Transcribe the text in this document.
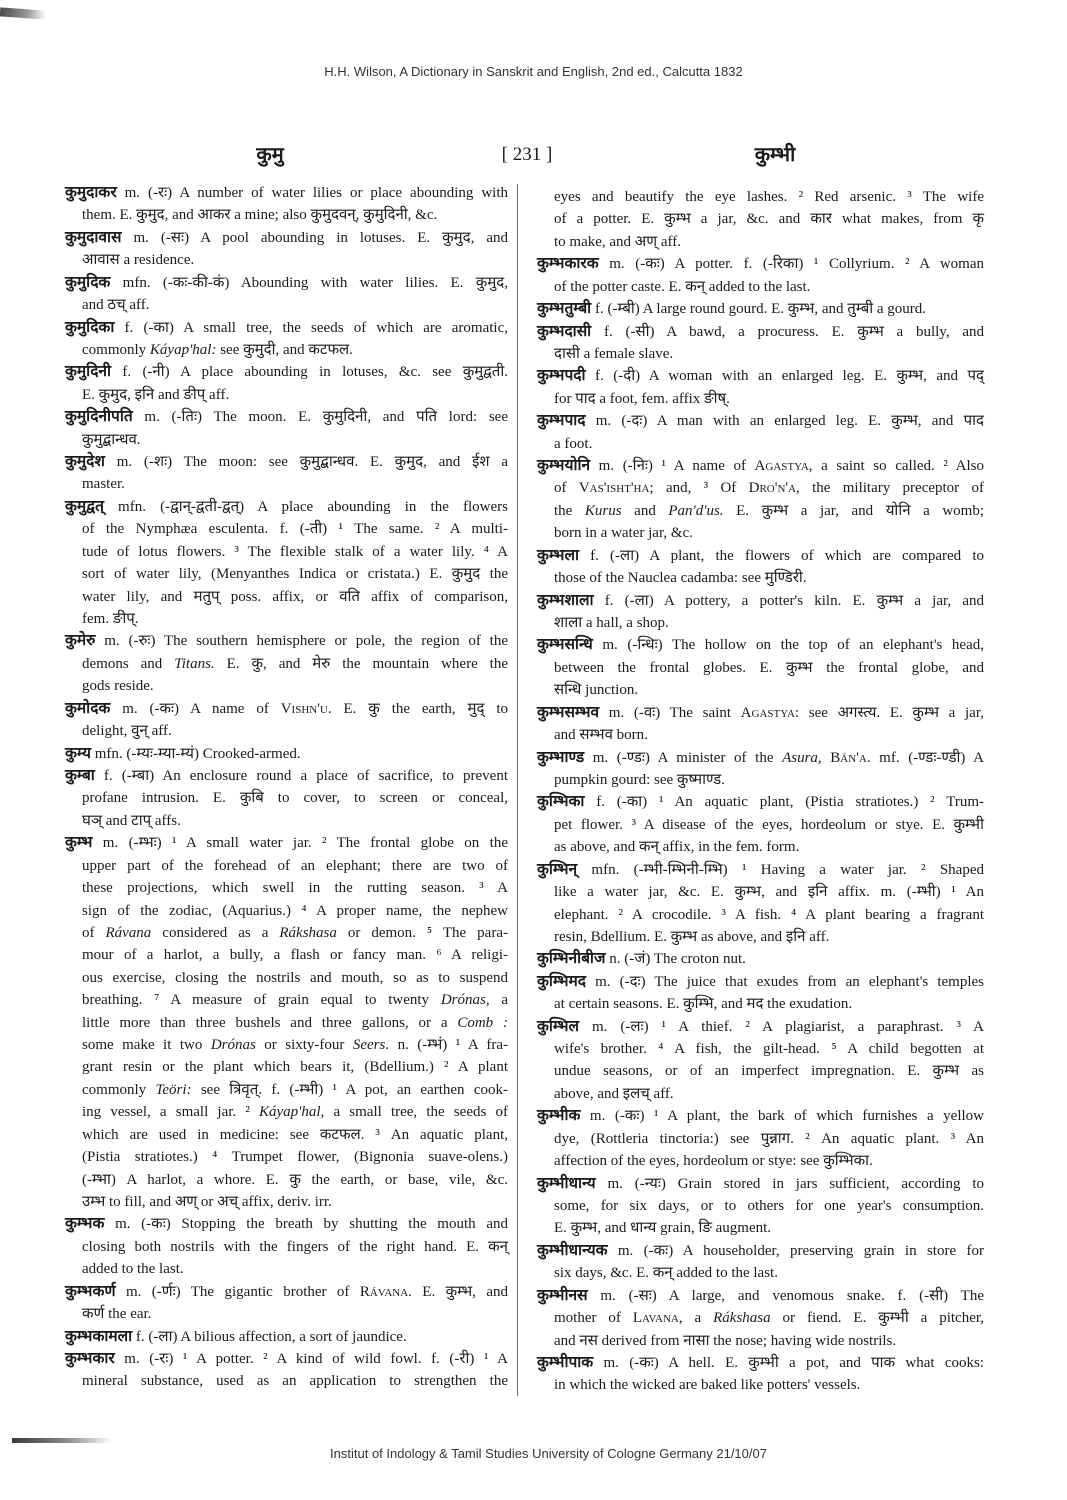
H.H. Wilson, A Dictionary in Sanskrit and English, 2nd ed., Calcutta 1832
कुमु	[ 231 ]	कुम्भी
कुमुदाकर m. (-रः) A number of water lilies or place abounding with
them. E. कुमुद, and आकर a mine; also कुमुदवन्, कुमुदिनी, &c.
कुमुदावास m. (-सः) A pool abounding in lotuses. E. कुमुद, and
आवास a residence.
कुमुदिक mfn. (-कः-की-कं) Abounding with water lilies. E. कुमुद,
and ठच् aff.
कुमुदिका f. (-का) A small tree, the seeds of which are aromatic,
commonly Káyap'hal: see कुमुदी, and कटफल.
कुमुदिनी f. (-नी) A place abounding in lotuses, &c. see कुमुद्वती.
E. कुमुद, इनि and ङीप् aff.
कुमुदिनीपति m. (-तिः) The moon. E. कुमुदिनी, and पति lord: see
कुमुद्बान्धव.
कुमुदेश m. (-शः) The moon: see कुमुद्बान्धव. E. कुमुद, and ईश a
master.
कुमुद्वत् mfn. (-द्वान्-द्वती-द्वत्) A place abounding in the flowers
of the Nymphæa esculenta. f. (-ती) ¹ The same. ² A multi-
tude of lotus flowers. ³ The flexible stalk of a water lily. ⁴ A
sort of water lily, (Menyanthes Indica or cristata.) E. कुमुद the
water lily, and मतुप् poss. affix, or वति affix of comparison,
fem. ङीप्.
कुमेरु m. (-रुः) The southern hemisphere or pole, the region of the
demons and Titans. E. कु, and मेरु the mountain where the
gods reside.
कुमोदक m. (-कः) A name of Vishn'u. E. कु the earth, मुद् to
delight, वुन् aff.
कुम्य mfn. (-म्यः-म्या-म्यं) Crooked-armed.
कुम्बा f. (-म्बा) An enclosure round a place of sacrifice, to prevent
profane intrusion. E. कुबि to cover, to screen or conceal,
घञ् and टाप् affs.
कुम्भ m. (-म्भः) ¹ A small water jar. ² The frontal globe on the
upper part of the forehead of an elephant; there are two of
these projections, which swell in the rutting season. ³ A
sign of the zodiac, (Aquarius.) ⁴ A proper name, the nephew
of Rávana considered as a Rákshasa or demon. ⁵ The para-
mour of a harlot, a bully, a flash or fancy man. ⁶ A religi-
ous exercise, closing the nostrils and mouth, so as to suspend
breathing. ⁷ A measure of grain equal to twenty Drónas, a
little more than three bushels and three gallons, or a Comb :
some make it two Drónas or sixty-four Seers. n. (-म्भं) ¹ A fra-
grant resin or the plant which bears it, (Bdellium.) ² A plant
commonly Teöri: see त्रिवृत्. f. (-म्भी) ¹ A pot, an earthen cook-
ing vessel, a small jar. ² Káyap'hal, a small tree, the seeds of
which are used in medicine: see कटफल. ³ An aquatic plant,
(Pistia stratiotes.) ⁴ Trumpet flower, (Bignonia suave-olens.)
(-म्भा) A harlot, a whore. E. कु the earth, or base, vile, &c.
उम्भ to fill, and अण् or अच् affix, deriv. irr.
कुम्भक m. (-कः) Stopping the breath by shutting the mouth and
closing both nostrils with the fingers of the right hand. E. कन्
added to the last.
कुम्भकर्ण m. (-र्णः) The gigantic brother of Rávana. E. कुम्भ, and
कर्ण the ear.
कुम्भकामला f. (-ला) A bilious affection, a sort of jaundice.
कुम्भकार m. (-रः) ¹ A potter. ² A kind of wild fowl. f. (-री) ¹ A
mineral substance, used as an application to strengthen the
eyes and beautify the eye lashes. ² Red arsenic. ³ The wife
of a potter. E. कुम्भ a jar, &c. and कार what makes, from कृ
to make, and अण् aff.
कुम्भकारक m. (-कः) A potter. f. (-रिका) ¹ Collyrium. ² A woman
of the potter caste. E. कन् added to the last.
कुम्भतुम्बी f. (-म्बी) A large round gourd. E. कुम्भ, and तुम्बी a gourd.
कुम्भदासी f. (-सी) A bawd, a procuress. E. कुम्भ a bully, and
दासी a female slave.
कुम्भपदी f. (-दी) A woman with an enlarged leg. E. कुम्भ, and पद्
for पाद a foot, fem. affix ङीष्.
कुम्भपाद m. (-दः) A man with an enlarged leg. E. कुम्भ, and पाद
a foot.
कुम्भयोनि m. (-निः) ¹ A name of Agastya, a saint so called. ² Also
of Vas'isht'ha; and, ³ Of Dro'n'a, the military preceptor of
the Kurus and Pan'd'us. E. कुम्भ a jar, and योनि a womb;
born in a water jar, &c.
कुम्भला f. (-ला) A plant, the flowers of which are compared to
those of the Nauclea cadamba: see मुण्डिरी.
कुम्भशाला f. (-ला) A pottery, a potter's kiln. E. कुम्भ a jar, and
शाला a hall, a shop.
कुम्भसन्धि m. (-न्धिः) The hollow on the top of an elephant's head,
between the frontal globes. E. कुम्भ the frontal globe, and
सन्धि junction.
कुम्भसम्भव m. (-वः) The saint Agastya: see अगस्त्य. E. कुम्भ a jar,
and सम्भव born.
कुम्भाण्ड m. (-ण्डः) A minister of the Asura, Bán'a. mf. (-ण्डः-ण्डी) A
pumpkin gourd: see कुष्माण्ड.
कुम्भिका f. (-का) ¹ An aquatic plant, (Pistia stratiotes.) ² Trum-
pet flower. ³ A disease of the eyes, hordeolum or stye. E. कुम्भी
as above, and कन् affix, in the fem. form.
कुम्भिन् mfn. (-म्भी-म्भिनी-म्भि) ¹ Having a water jar. ² Shaped
like a water jar, &c. E. कुम्भ, and इनि affix. m. (-म्भी) ¹ An
elephant. ² A crocodile. ³ A fish. ⁴ A plant bearing a fragrant
resin, Bdellium. E. कुम्भ as above, and इनि aff.
कुम्भिनीबीज n. (-जं) The croton nut.
कुम्भिमद m. (-दः) The juice that exudes from an elephant's temples
at certain seasons. E. कुम्भि, and मद the exudation.
कुम्भिल m. (-लः) ¹ A thief. ² A plagiarist, a paraphrast. ³ A
wife's brother. ⁴ A fish, the gilt-head. ⁵ A child begotten at
undue seasons, or of an imperfect impregnation. E. कुम्भ as
above, and इलच् aff.
कुम्भीक m. (-कः) ¹ A plant, the bark of which furnishes a yellow
dye, (Rottleria tinctoria:) see पुन्नाग. ² An aquatic plant. ³ An
affection of the eyes, hordeolum or stye: see कुम्भिका.
कुम्भीधान्य m. (-न्यः) Grain stored in jars sufficient, according to
some, for six days, or to others for one year's consumption.
E. कुम्भ, and धान्य grain, ङि augment.
कुम्भीधान्यक m. (-कः) A householder, preserving grain in store for
six days, &c. E. कन् added to the last.
कुम्भीनस m. (-सः) A large, and venomous snake. f. (-सी) The
mother of Lavana, a Rákshasa or fiend. E. कुम्भी a pitcher,
and नस derived from नासा the nose; having wide nostrils.
कुम्भीपाक m. (-कः) A hell. E. कुम्भी a pot, and पाक what cooks:
in which the wicked are baked like potters' vessels.
Institut of Indology & Tamil Studies University of Cologne Germany 21/10/07
